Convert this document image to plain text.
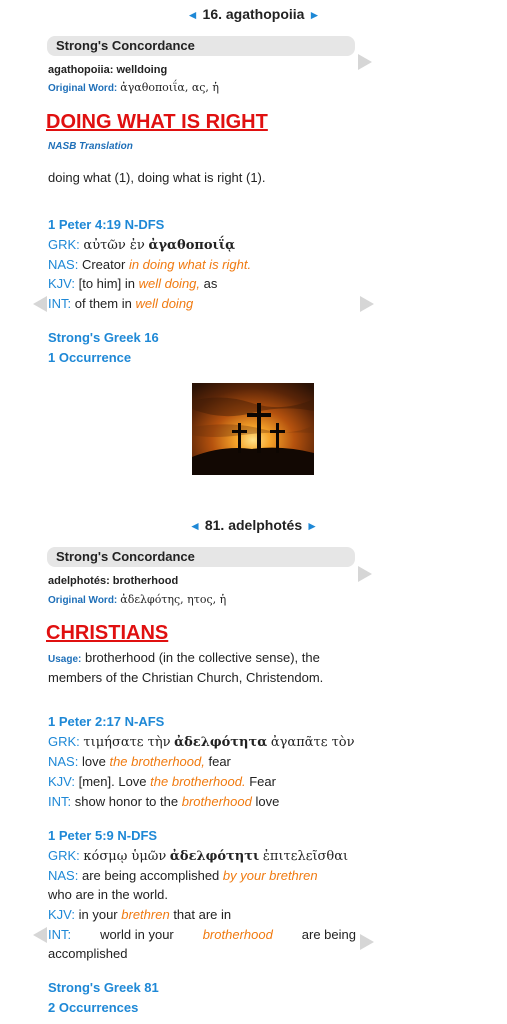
◄ 16. agathopoiia ►
Strong's Concordance
agathopoiia: welldoing
Original Word: ἀγαθοποιΐα, ας, ἡ
DOING WHAT IS RIGHT
NASB Translation
doing what (1), doing what is right (1).
1 Peter 4:19 N-DFS
GRK: αὐτῶν ἐν ἀγαθοποιΐᾳ
NAS: Creator in doing what is right.
KJV: [to him] in well doing, as
INT: of them in well doing
Strong's Greek 16
1 Occurrence
◄ 81. adelphotés ►
Strong's Concordance
adelphotés: brotherhood
Original Word: ἀδελφότης, ητος, ἡ
CHRISTIANS
Usage: brotherhood (in the collective sense), the
members of the Christian Church, Christendom.
1 Peter 2:17 N-AFS
GRK: τιμήσατε τὴν ἀδελφότητα ἀγαπᾶτε τὸν
NAS: love the brotherhood, fear
KJV: [men]. Love the brotherhood. Fear
INT: show honor to the brotherhood love
1 Peter 5:9 N-DFS
GRK: κόσμῳ ὑμῶν ἀδελφότητι ἐπιτελεῖσθαι
NAS: are being accomplished by your brethren
who are in the world.
KJV: in your brethren that are in
INT: world in your brotherhood are being
accomplished
Strong's Greek 81
2 Occurrences
